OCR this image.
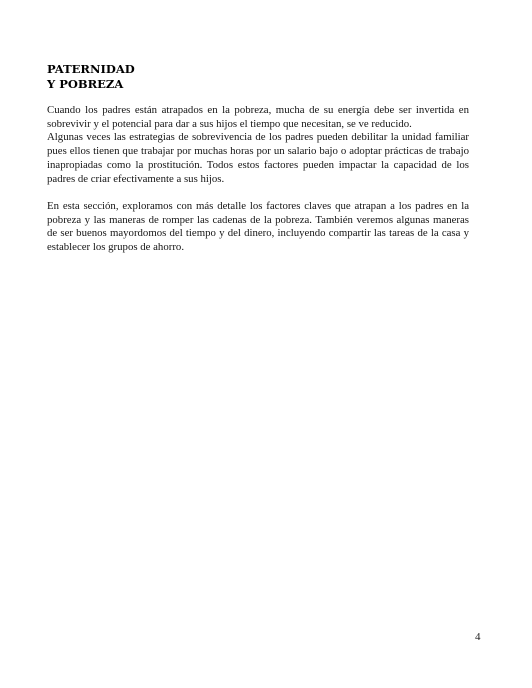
PATERNIDAD
Y POBREZA

Cuando los padres están atrapados en la pobreza, mucha de su energía debe ser invertida en sobrevivir y el potencial para dar a sus hijos el tiempo que necesitan, se ve reducido.

Algunas veces las estrategias de sobrevivencia de los padres pueden debilitar la unidad familiar pues ellos tienen que trabajar por muchas horas por un salario bajo o adoptar prácticas de trabajo inapropiadas como la prostitución. Todos estos factores pueden impactar la capacidad de los padres de criar efectivamente a sus hijos.

En esta sección, exploramos con más detalle los factores claves que atrapan a los padres en la pobreza y las maneras de romper las cadenas de la pobreza. También veremos algunas maneras de ser buenos mayordomos del tiempo y del dinero, incluyendo compartir las tareas de la casa y establecer los grupos de ahorro.

4
